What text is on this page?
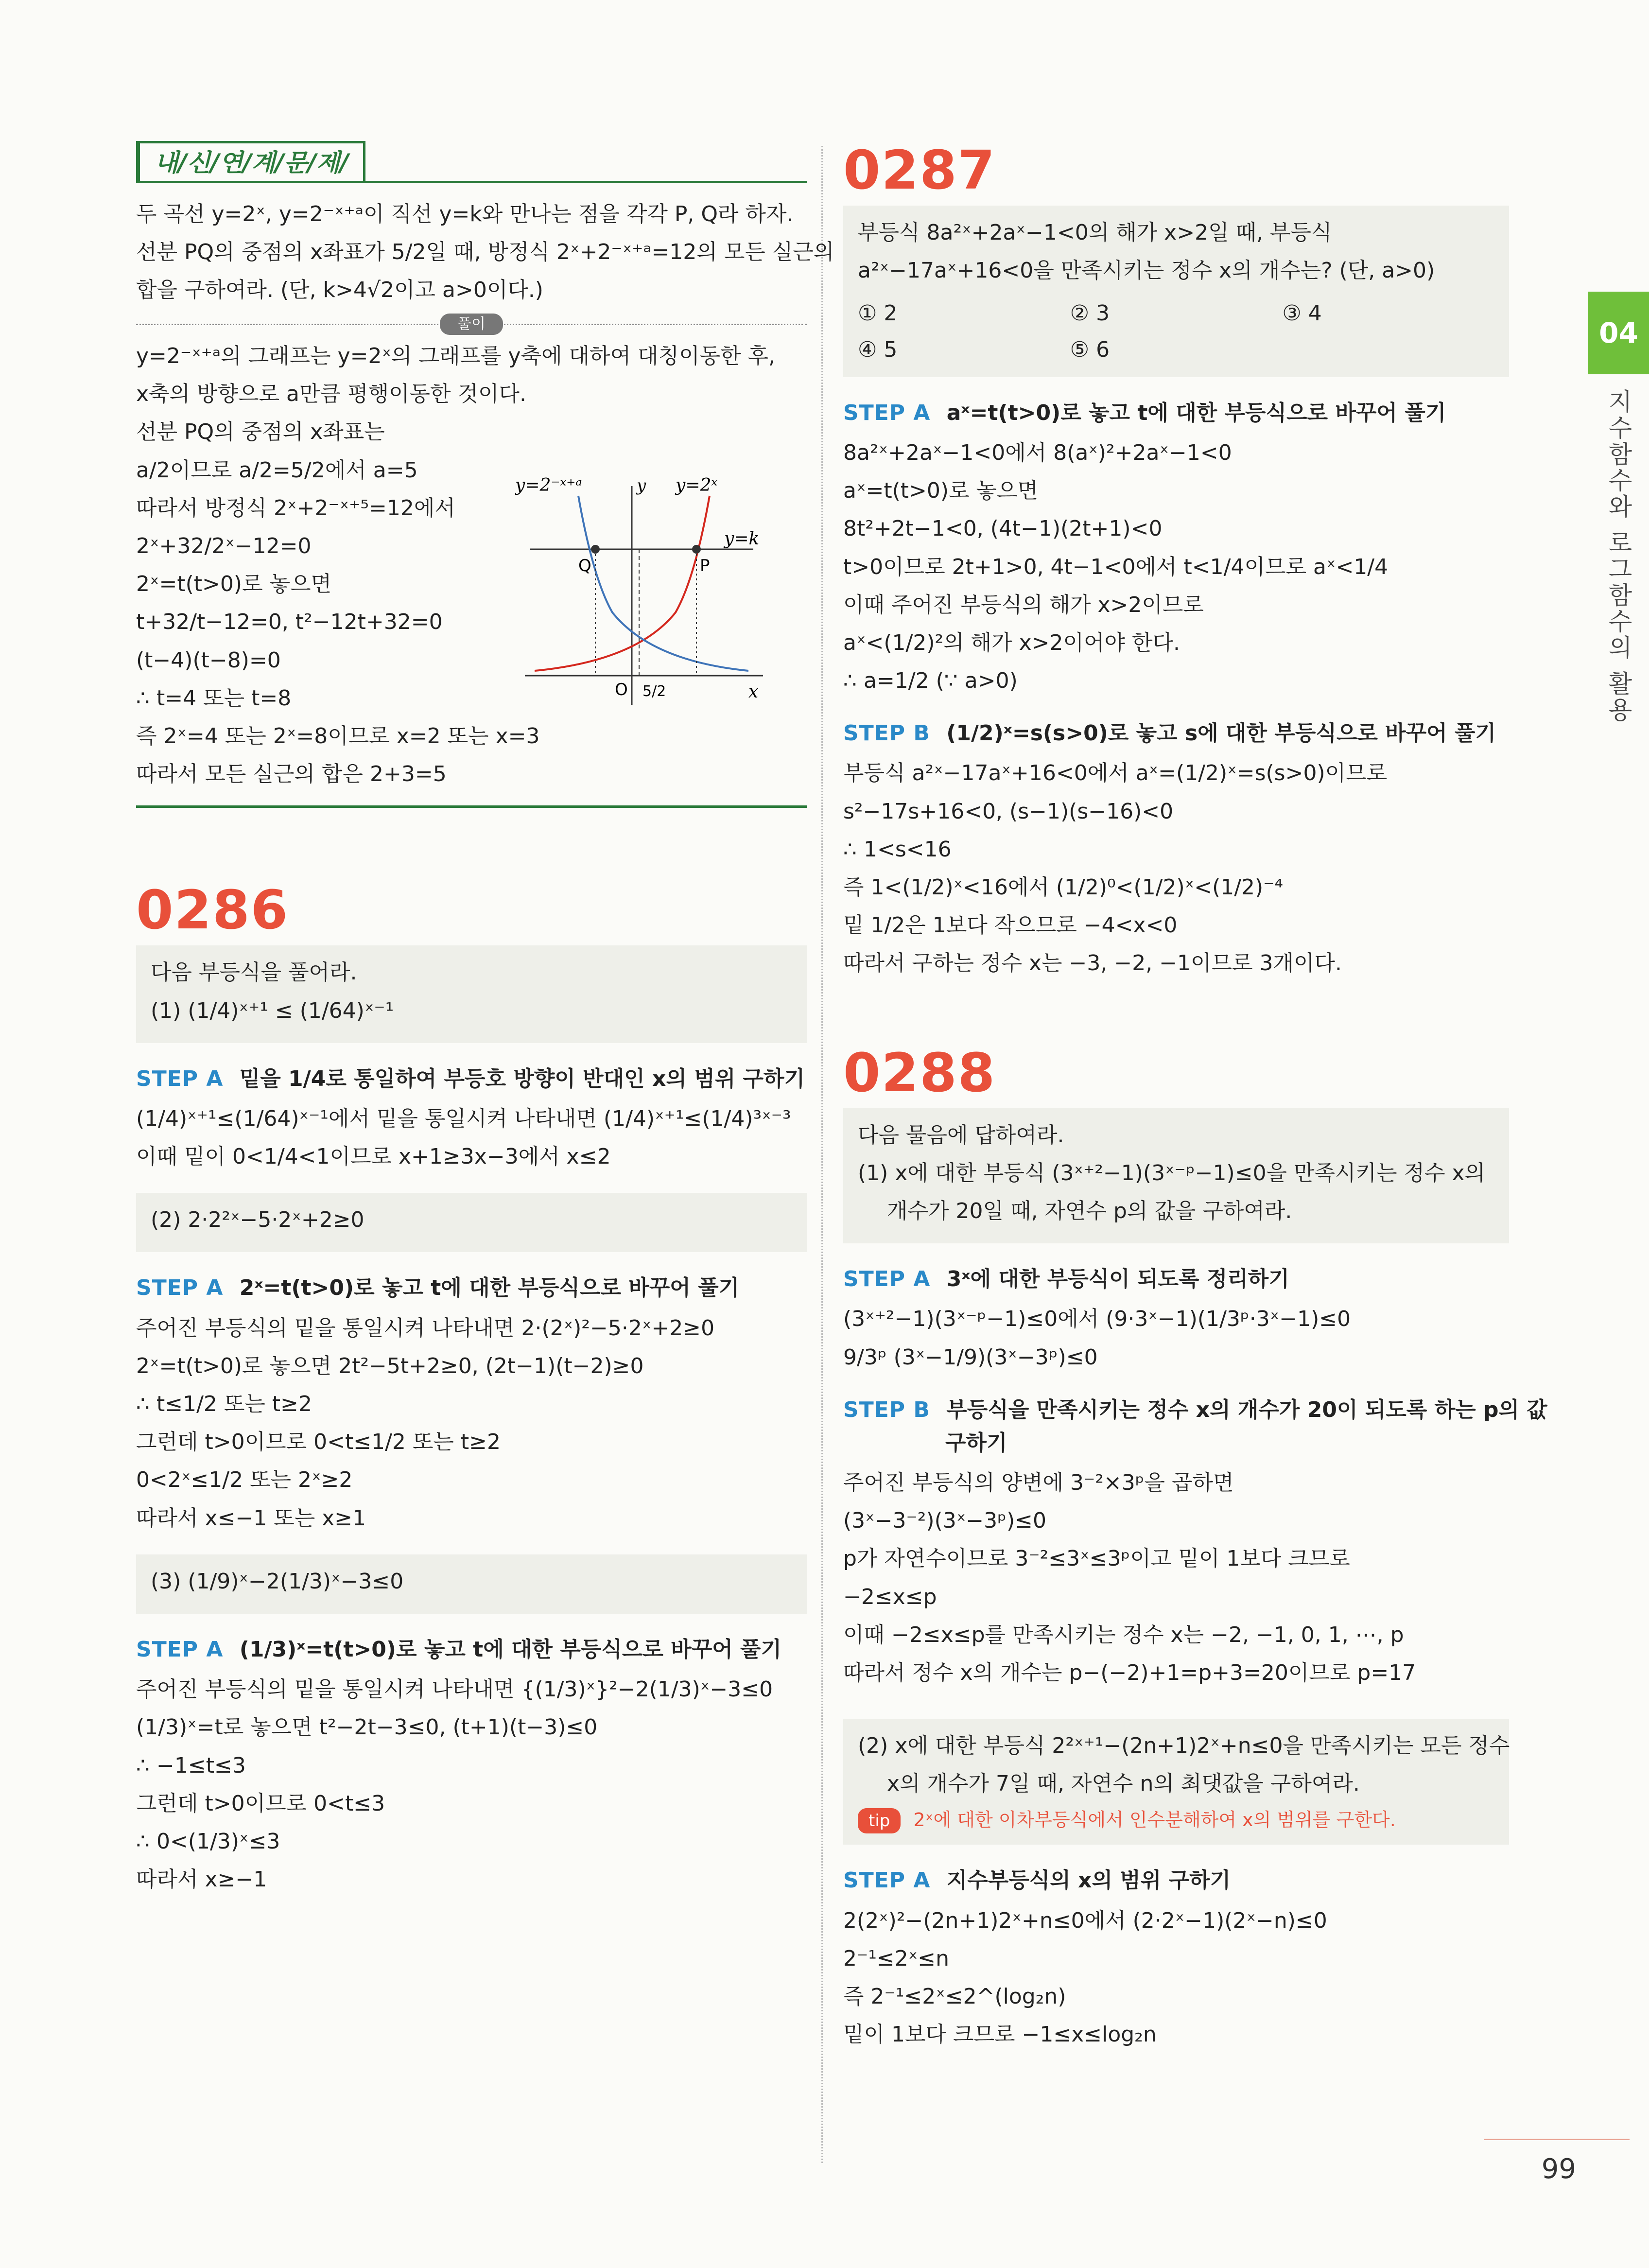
04
지수함수와 로그함수의 활용
내/신/연/계/문/제/
두 곡선 y=2ˣ, y=2⁻ˣ⁺ᵃ이 직선 y=k와 만나는 점을 각각 P, Q라 하자.
선분 PQ의 중점의 x좌표가 5/2일 때, 방정식 2ˣ+2⁻ˣ⁺ᵃ=12의 모든 실근의
합을 구하여라. (단, k>4√2이고 a>0이다.)
풀이
y=2⁻ˣ⁺ᵃ의 그래프는 y=2ˣ의 그래프를 y축에 대하여 대칭이동한 후,
x축의 방향으로 a만큼 평행이동한 것이다.
선분 PQ의 중점의 x좌표는
a/2이므로 a/2=5/2에서 a=5
따라서 방정식 2ˣ+2⁻ˣ⁺⁵=12에서
2ˣ+32/2ˣ−12=0
2ˣ=t(t>0)로 놓으면
t+32/t−12=0, t²−12t+32=0
(t−4)(t−8)=0
∴ t=4 또는 t=8
즉 2ˣ=4 또는 2ˣ=8이므로 x=2 또는 x=3
따라서 모든 실근의 합은 2+3=5
0286
다음 부등식을 풀어라.
(1) (1/4)ˣ⁺¹ ≤ (1/64)ˣ⁻¹
STEP A 밑을 1/4로 통일하여 부등호 방향이 반대인 x의 범위 구하기
(1/4)ˣ⁺¹≤(1/64)ˣ⁻¹에서 밑을 통일시켜 나타내면 (1/4)ˣ⁺¹≤(1/4)³ˣ⁻³
이때 밑이 0<1/4<1이므로 x+1≥3x−3에서 x≤2
(2) 2·2²ˣ−5·2ˣ+2≥0
STEP A 2ˣ=t(t>0)로 놓고 t에 대한 부등식으로 바꾸어 풀기
주어진 부등식의 밑을 통일시켜 나타내면 2·(2ˣ)²−5·2ˣ+2≥0
2ˣ=t(t>0)로 놓으면 2t²−5t+2≥0, (2t−1)(t−2)≥0
∴ t≤1/2 또는 t≥2
그런데 t>0이므로 0<t≤1/2 또는 t≥2
0<2ˣ≤1/2 또는 2ˣ≥2
따라서 x≤−1 또는 x≥1
(3) (1/9)ˣ−2(1/3)ˣ−3≤0
STEP A (1/3)ˣ=t(t>0)로 놓고 t에 대한 부등식으로 바꾸어 풀기
주어진 부등식의 밑을 통일시켜 나타내면 {(1/3)ˣ}²−2(1/3)ˣ−3≤0
(1/3)ˣ=t로 놓으면 t²−2t−3≤0, (t+1)(t−3)≤0
∴ −1≤t≤3
그런데 t>0이므로 0<t≤3
∴ 0<(1/3)ˣ≤3
따라서 x≥−1
y=2⁻ˣ⁺ᵃ	y=2ˣ
y=k
y
x
O
Q	P
5/2
0287
부등식 8a²ˣ+2aˣ−1<0의 해가 x>2일 때, 부등식
a²ˣ−17aˣ+16<0을 만족시키는 정수 x의 개수는? (단, a>0)
① 2	② 3	③ 4
④ 5	⑤ 6
STEP A aˣ=t(t>0)로 놓고 t에 대한 부등식으로 바꾸어 풀기
8a²ˣ+2aˣ−1<0에서 8(aˣ)²+2aˣ−1<0
aˣ=t(t>0)로 놓으면
8t²+2t−1<0, (4t−1)(2t+1)<0
t>0이므로 2t+1>0, 4t−1<0에서 t<1/4이므로 aˣ<1/4
이때 주어진 부등식의 해가 x>2이므로
aˣ<(1/2)²의 해가 x>2이어야 한다.
∴ a=1/2 (∵ a>0)
STEP B (1/2)ˣ=s(s>0)로 놓고 s에 대한 부등식으로 바꾸어 풀기
부등식 a²ˣ−17aˣ+16<0에서 aˣ=(1/2)ˣ=s(s>0)이므로
s²−17s+16<0, (s−1)(s−16)<0
∴ 1<s<16
즉 1<(1/2)ˣ<16에서 (1/2)⁰<(1/2)ˣ<(1/2)⁻⁴
밑 1/2은 1보다 작으므로 −4<x<0
따라서 구하는 정수 x는 −3, −2, −1이므로 3개이다.
0288
다음 물음에 답하여라.
(1) x에 대한 부등식 (3ˣ⁺²−1)(3ˣ⁻ᵖ−1)≤0을 만족시키는 정수 x의
개수가 20일 때, 자연수 p의 값을 구하여라.
STEP A 3ˣ에 대한 부등식이 되도록 정리하기
(3ˣ⁺²−1)(3ˣ⁻ᵖ−1)≤0에서 (9·3ˣ−1)(1/3ᵖ·3ˣ−1)≤0
9/3ᵖ (3ˣ−1/9)(3ˣ−3ᵖ)≤0
STEP B 부등식을 만족시키는 정수 x의 개수가 20이 되도록 하는 p의 값
구하기
주어진 부등식의 양변에 3⁻²×3ᵖ을 곱하면
(3ˣ−3⁻²)(3ˣ−3ᵖ)≤0
p가 자연수이므로 3⁻²≤3ˣ≤3ᵖ이고 밑이 1보다 크므로
−2≤x≤p
이때 −2≤x≤p를 만족시키는 정수 x는 −2, −1, 0, 1, ⋯, p
따라서 정수 x의 개수는 p−(−2)+1=p+3=20이므로 p=17
(2) x에 대한 부등식 2²ˣ⁺¹−(2n+1)2ˣ+n≤0을 만족시키는 모든 정수
x의 개수가 7일 때, 자연수 n의 최댓값을 구하여라.
tip 2ˣ에 대한 이차부등식에서 인수분해하여 x의 범위를 구한다.
STEP A 지수부등식의 x의 범위 구하기
2(2ˣ)²−(2n+1)2ˣ+n≤0에서 (2·2ˣ−1)(2ˣ−n)≤0
2⁻¹≤2ˣ≤n
즉 2⁻¹≤2ˣ≤2^(log₂n)
밑이 1보다 크므로 −1≤x≤log₂n
99
